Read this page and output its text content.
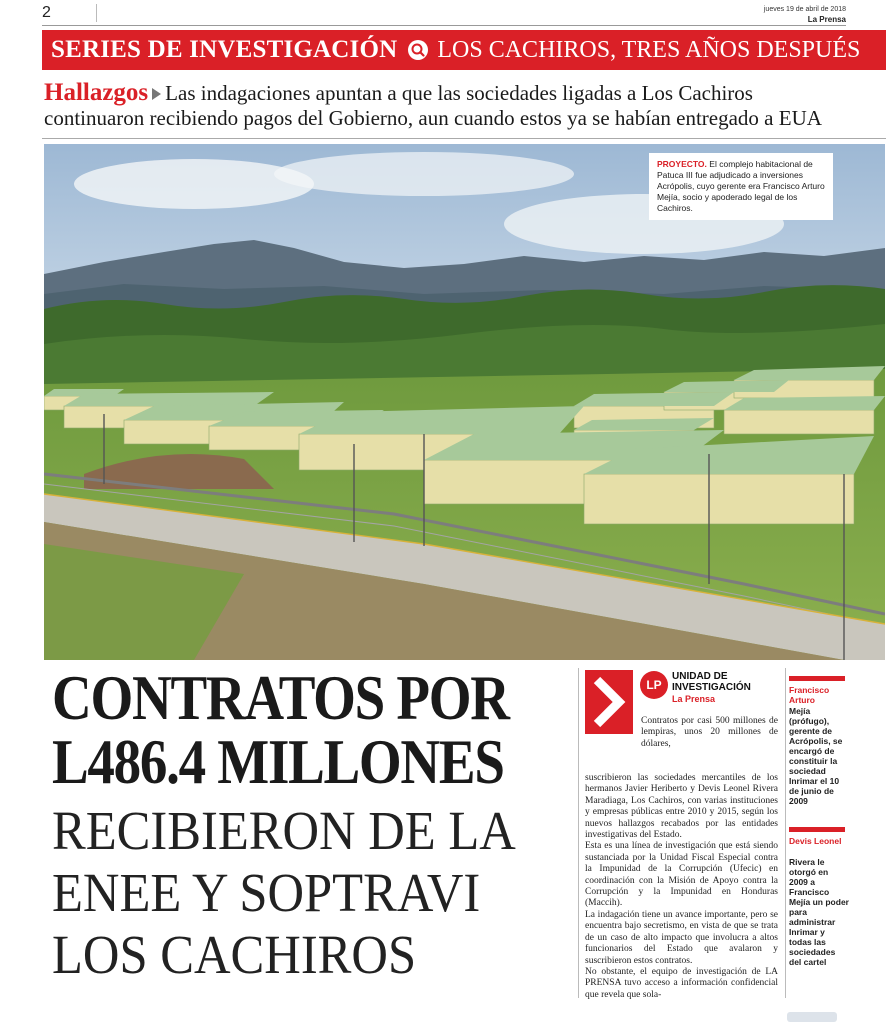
2	jueves 19 de abril de 2018
La Prensa
SERIES DE INVESTIGACIÓN LOS CACHIROS, TRES AÑOS DESPUÉS
Hallazgos Las indagaciones apuntan a que las sociedades ligadas a Los Cachiros
continuaron recibiendo pagos del Gobierno, aun cuando estos ya se habían entregado a EUA
PROYECTO. El complejo habitacional de Patuca III fue adjudicado a inversiones Acrópolis, cuyo gerente era Francisco Arturo Mejía, socio y apoderado legal de los Cachiros.
CONTRATOS POR
L486.4 MILLONES
RECIBIERON DE LA
ENEE Y SOPTRAVI
LOS CACHIROS
LP
UNIDAD DE
INVESTIGACIÓN
La Prensa
Contratos por casi 500 millones de lempiras, unos 20 millones de dólares,
suscribieron las sociedades mercantiles de los hermanos Javier Heriberto y Devis Leonel Rivera Maradiaga, Los Cachiros, con varias instituciones y empresas públicas entre 2010 y 2015, según los nuevos hallazgos recabados por las entidades investigativas del Estado.
Esta es una línea de investigación que está siendo sustanciada por la Unidad Fiscal Especial contra la Impunidad de la Corrupción (Ufecic) en coordinación con la Misión de Apoyo contra la Corrupción y la Impunidad en Honduras (Maccih).
La indagación tiene un avance importante, pero se encuentra bajo secretismo, en vista de que se trata de un caso de alto impacto que involucra a altos funcionarios del Estado que avalaron y suscribieron estos contratos.
No obstante, el equipo de investigación de LA PRENSA tuvo acceso a información confidencial que revela que sola-
Francisco Arturo
Mejía (prófugo), gerente de Acrópolis, se encargó de constituir la sociedad Inrimar el 10 de junio de 2009
Devis Leonel
Rivera le otorgó en 2009 a Francisco Mejía un poder para administrar Inrimar y todas las sociedades del cartel
